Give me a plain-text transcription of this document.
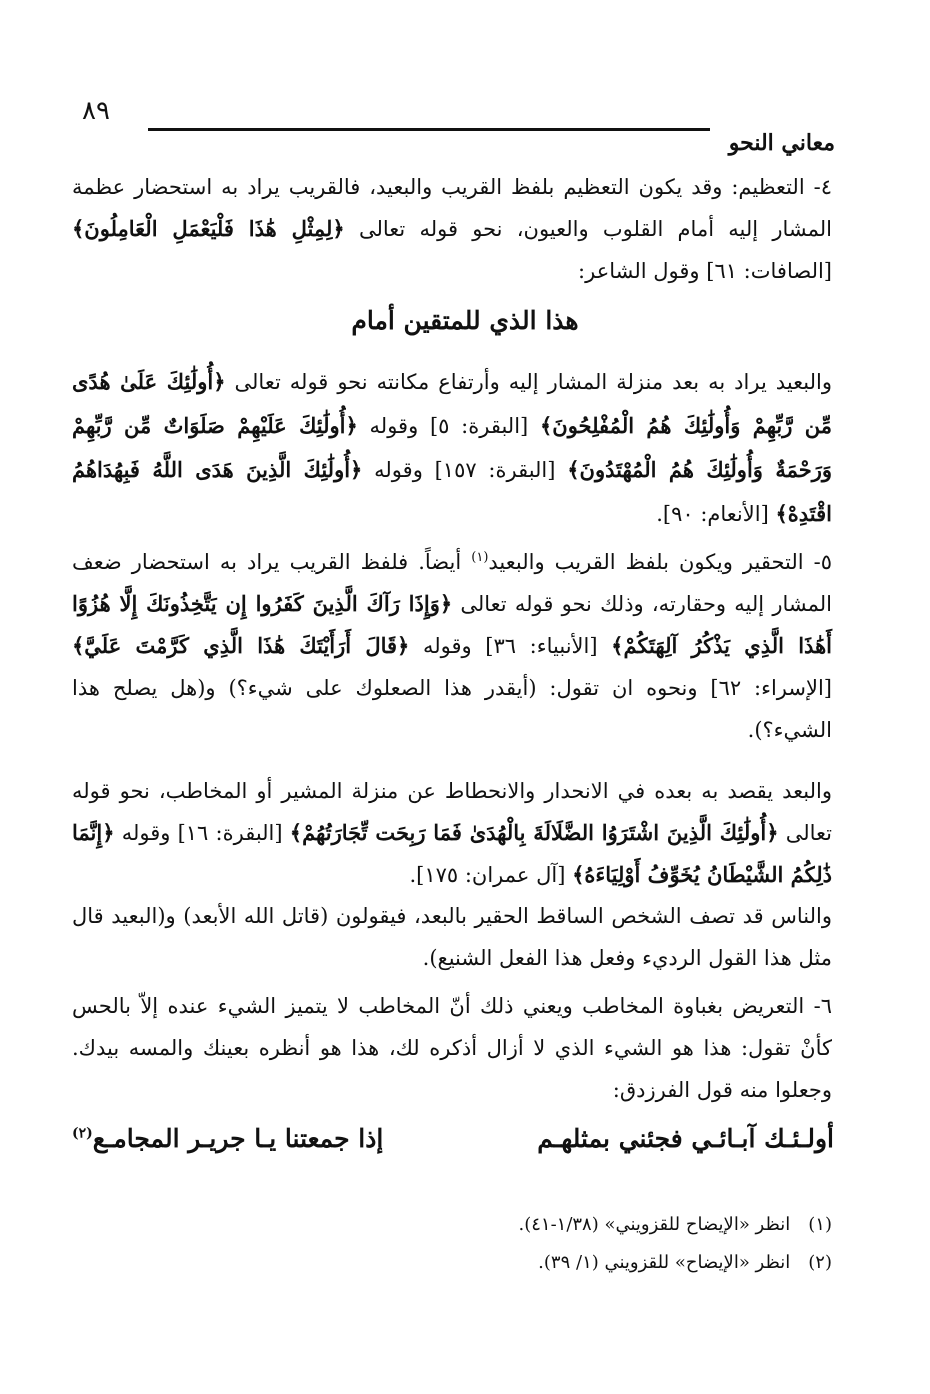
٨٩
معاني النحو
٤- التعظيم: وقد يكون التعظيم بلفظ القريب والبعيد، فالقريب يراد به استحضار عظمة المشار إليه أمام القلوب والعيون، نحو قوله تعالى ﴿لِمِثْلِ هَٰذَا فَلْيَعْمَلِ الْعَامِلُونَ﴾ [الصافات: ٦١] وقول الشاعر:
هذا الذي للمتقين أمام
والبعيد يراد به بعد منزلة المشار إليه وأرتفاع مكانته نحو قوله تعالى ﴿أُولَٰئِكَ عَلَىٰ هُدًى مِّن رَّبِّهِمْ وَأُولَٰئِكَ هُمُ الْمُفْلِحُونَ﴾ [البقرة: ٥] وقوله ﴿أُولَٰئِكَ عَلَيْهِمْ صَلَوَاتٌ مِّن رَّبِّهِمْ وَرَحْمَةٌ وَأُولَٰئِكَ هُمُ الْمُهْتَدُونَ﴾ [البقرة: ١٥٧] وقوله ﴿أُولَٰئِكَ الَّذِينَ هَدَى اللَّهُ فَبِهُدَاهُمُ اقْتَدِهْ﴾ [الأنعام: ٩٠].
٥- التحقير ويكون بلفظ القريب والبعيد$^{(١)}$ أيضاً. فلفظ القريب يراد به استحضار ضعف المشار إليه وحقارته، وذلك نحو قوله تعالى ﴿وَإِذَا رَآكَ الَّذِينَ كَفَرُوا إِن يَتَّخِذُونَكَ إِلَّا هُزُوًا أَهَٰذَا الَّذِي يَذْكُرُ آلِهَتَكُمْ﴾ [الأنبياء: ٣٦] وقوله ﴿قَالَ أَرَأَيْتَكَ هَٰذَا الَّذِي كَرَّمْتَ عَلَيَّ﴾ [الإسراء: ٦٢] ونحوه ان تقول: (أيقدر هذا الصعلوك على شيء؟) و(هل يصلح هذا الشيء؟).
والبعد يقصد به بعده في الانحدار والانحطاط عن منزلة المشير أو المخاطب، نحو قوله تعالى ﴿أُولَٰئِكَ الَّذِينَ اشْتَرَوُا الضَّلَالَةَ بِالْهُدَىٰ فَمَا رَبِحَت تِّجَارَتُهُمْ﴾ [البقرة: ١٦] وقوله ﴿إِنَّمَا ذَٰلِكُمُ الشَّيْطَانُ يُخَوِّفُ أَوْلِيَاءَهُ﴾ [آل عمران: ١٧٥].
والناس قد تصف الشخص الساقط الحقير بالبعد، فيقولون (قاتل الله الأبعد) و(البعيد قال مثل هذا القول الرديء وفعل هذا الفعل الشنيع).
٦- التعريض بغباوة المخاطب ويعني ذلك أنّ المخاطب لا يتميز الشيء عنده إلاّ بالحس كأنْ تقول: هذا هو الشيء الذي لا أزال أذكره لك، هذا هو أنظره بعينك والمسه بيدك. وجعلوا منه قول الفرزدق:
أولـئـك آبـائـي فجئني بمثلهـم
إذا جمعتنا يـا جريـر المجامـع$^{(٢)}$
(١)
انظر «الإيضاح للقزويني» (١/٣٨-٤١).
(٢)
انظر «الإيضاح» للقزويني (١/ ٣٩).
